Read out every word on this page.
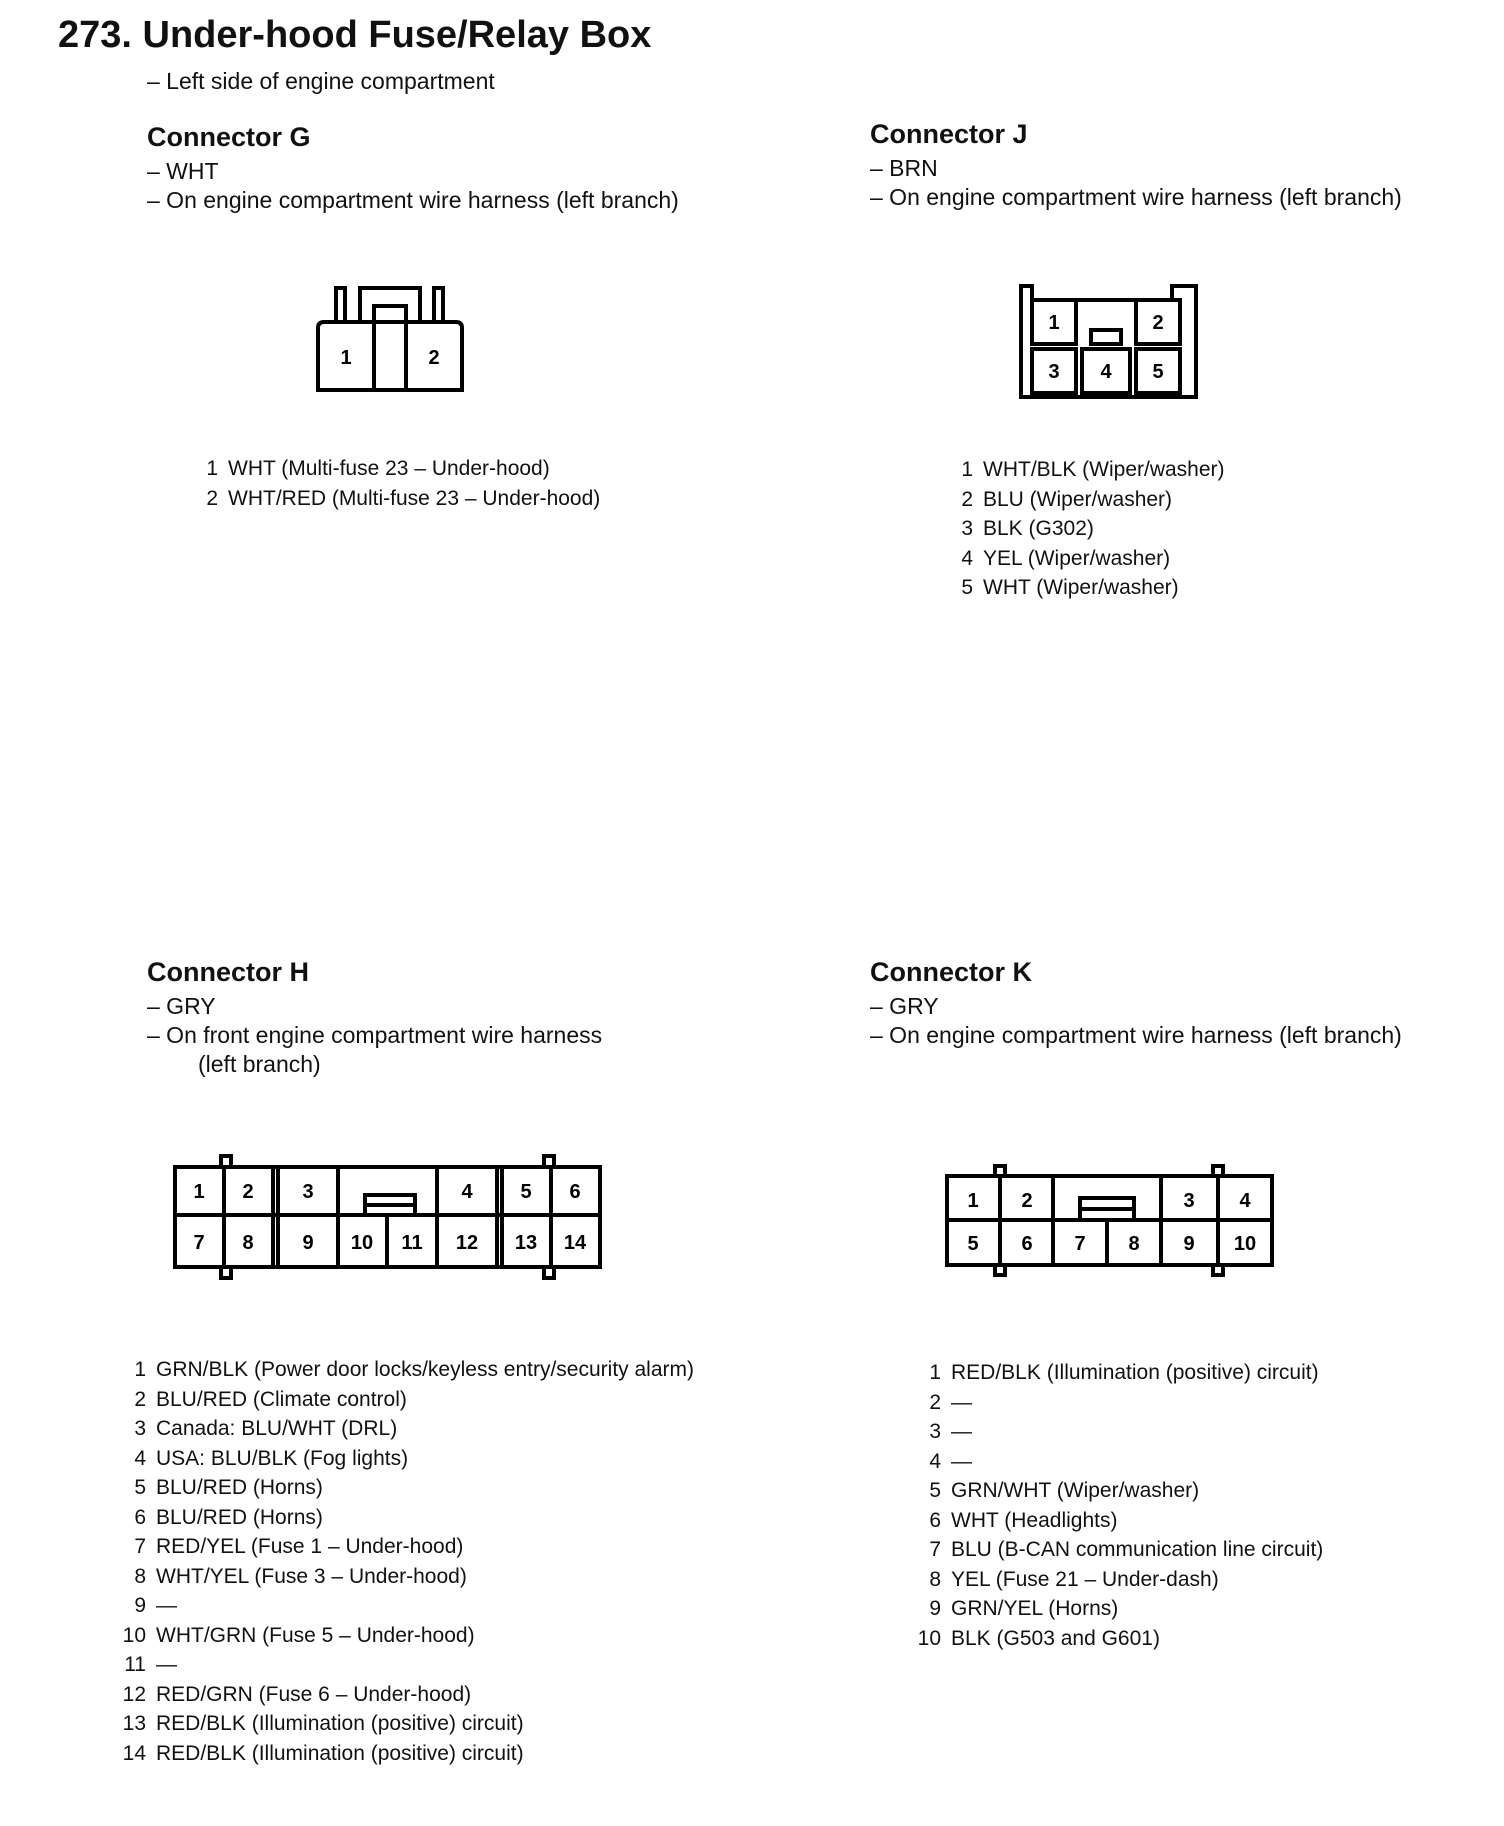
273. Under-hood Fuse/Relay Box
– Left side of engine compartment
Connector G
– WHT
– On engine compartment wire harness (left branch)
1	2
1 WHT (Multi-fuse 23 – Under-hood)
2 WHT/RED (Multi-fuse 23 – Under-hood)
Connector J
– BRN
– On engine compartment wire harness (left branch)
1	2
3 4 5
1 WHT/BLK (Wiper/washer)
2 BLU (Wiper/washer)
3 BLK (G302)
4 YEL (Wiper/washer)
5 WHT (Wiper/washer)
Connector H
– GRY
– On front engine compartment wire harness
(left branch)
1 2 3	4 5 6
7 8 9 10 11 12 13 14
1 GRN/BLK (Power door locks/keyless entry/security alarm)
2 BLU/RED (Climate control)
3 Canada: BLU/WHT (DRL)
4 USA: BLU/BLK (Fog lights)
5 BLU/RED (Horns)
6 BLU/RED (Horns)
7 RED/YEL (Fuse 1 – Under-hood)
8 WHT/YEL (Fuse 3 – Under-hood)
9 —
10 WHT/GRN (Fuse 5 – Under-hood)
11 —
12 RED/GRN (Fuse 6 – Under-hood)
13 RED/BLK (Illumination (positive) circuit)
14 RED/BLK (Illumination (positive) circuit)
Connector K
– GRY
– On engine compartment wire harness (left branch)
1 2	3 4
5 6 7 8 9 10
1 RED/BLK (Illumination (positive) circuit)
2 —
3 —
4 —
5 GRN/WHT (Wiper/washer)
6 WHT (Headlights)
7 BLU (B-CAN communication line circuit)
8 YEL (Fuse 21 – Under-dash)
9 GRN/YEL (Horns)
10 BLK (G503 and G601)
